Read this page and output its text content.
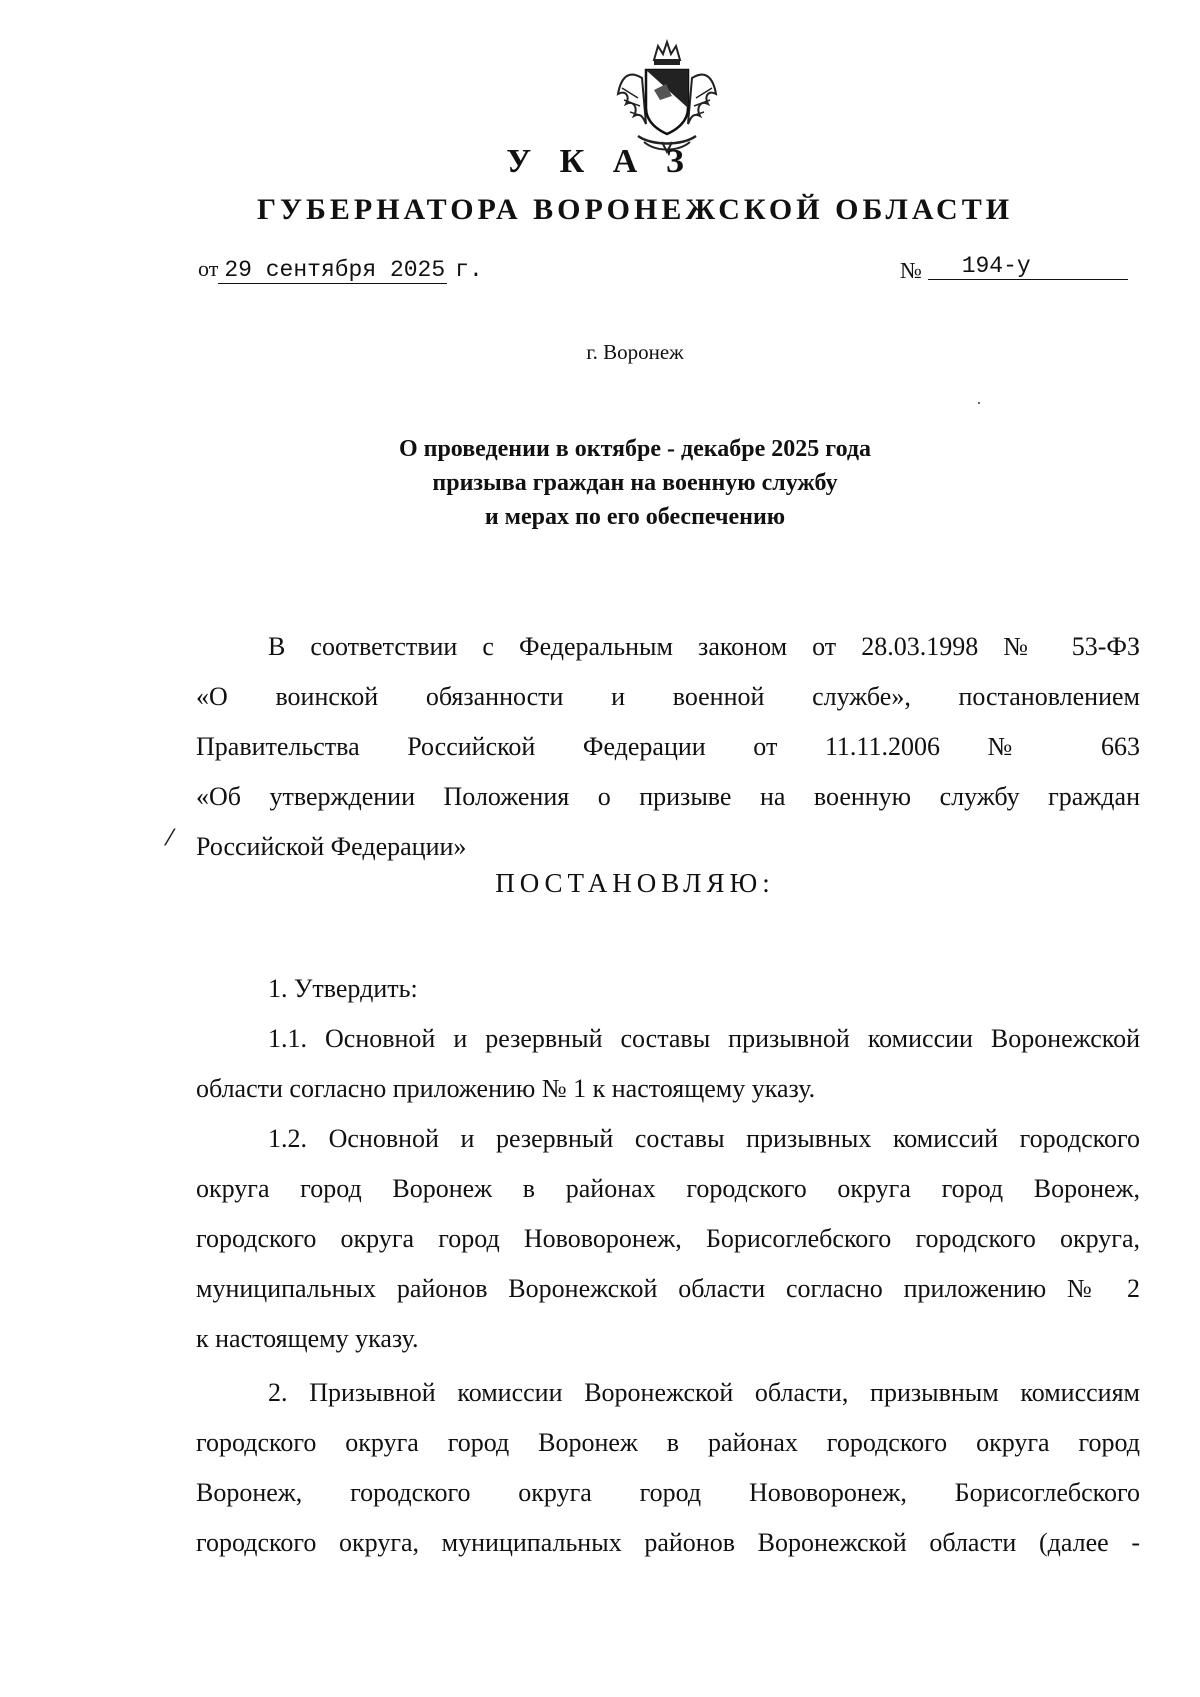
У К А З
ГУБЕРНАТОРА ВОРОНЕЖСКОЙ ОБЛАСТИ
от 29 сентября 2025 г.	№ 194-у
г. Воронеж
О проведении в октябре - декабре 2025 года
призыва граждан на военную службу
и мерах по его обеспечению

В соответствии с Федеральным законом от 28.03.1998 № 53-ФЗ

«О воинской обязанности и военной службе», постановлением

Правительства Российской Федерации от 11.11.2006 № 663

«Об утверждении Положения о призыве на военную службу граждан

Российской Федерации»

⁄
ПОСТАНОВЛЯЮ:

1. Утвердить:

1.1. Основной и резервный составы призывной комиссии Воронежской

области согласно приложению № 1 к настоящему указу.

1.2. Основной и резервный составы призывных комиссий городского

округа город Воронеж в районах городского округа город Воронеж,

городского округа город Нововоронеж, Борисоглебского городского округа,

муниципальных районов Воронежской области согласно приложению № 2

к настоящему указу.

2. Призывной комиссии Воронежской области, призывным комиссиям

городского округа город Воронеж в районах городского округа город

Воронеж, городского округа город Нововоронеж, Борисоглебского

городского округа, муниципальных районов Воронежской области (далее -
